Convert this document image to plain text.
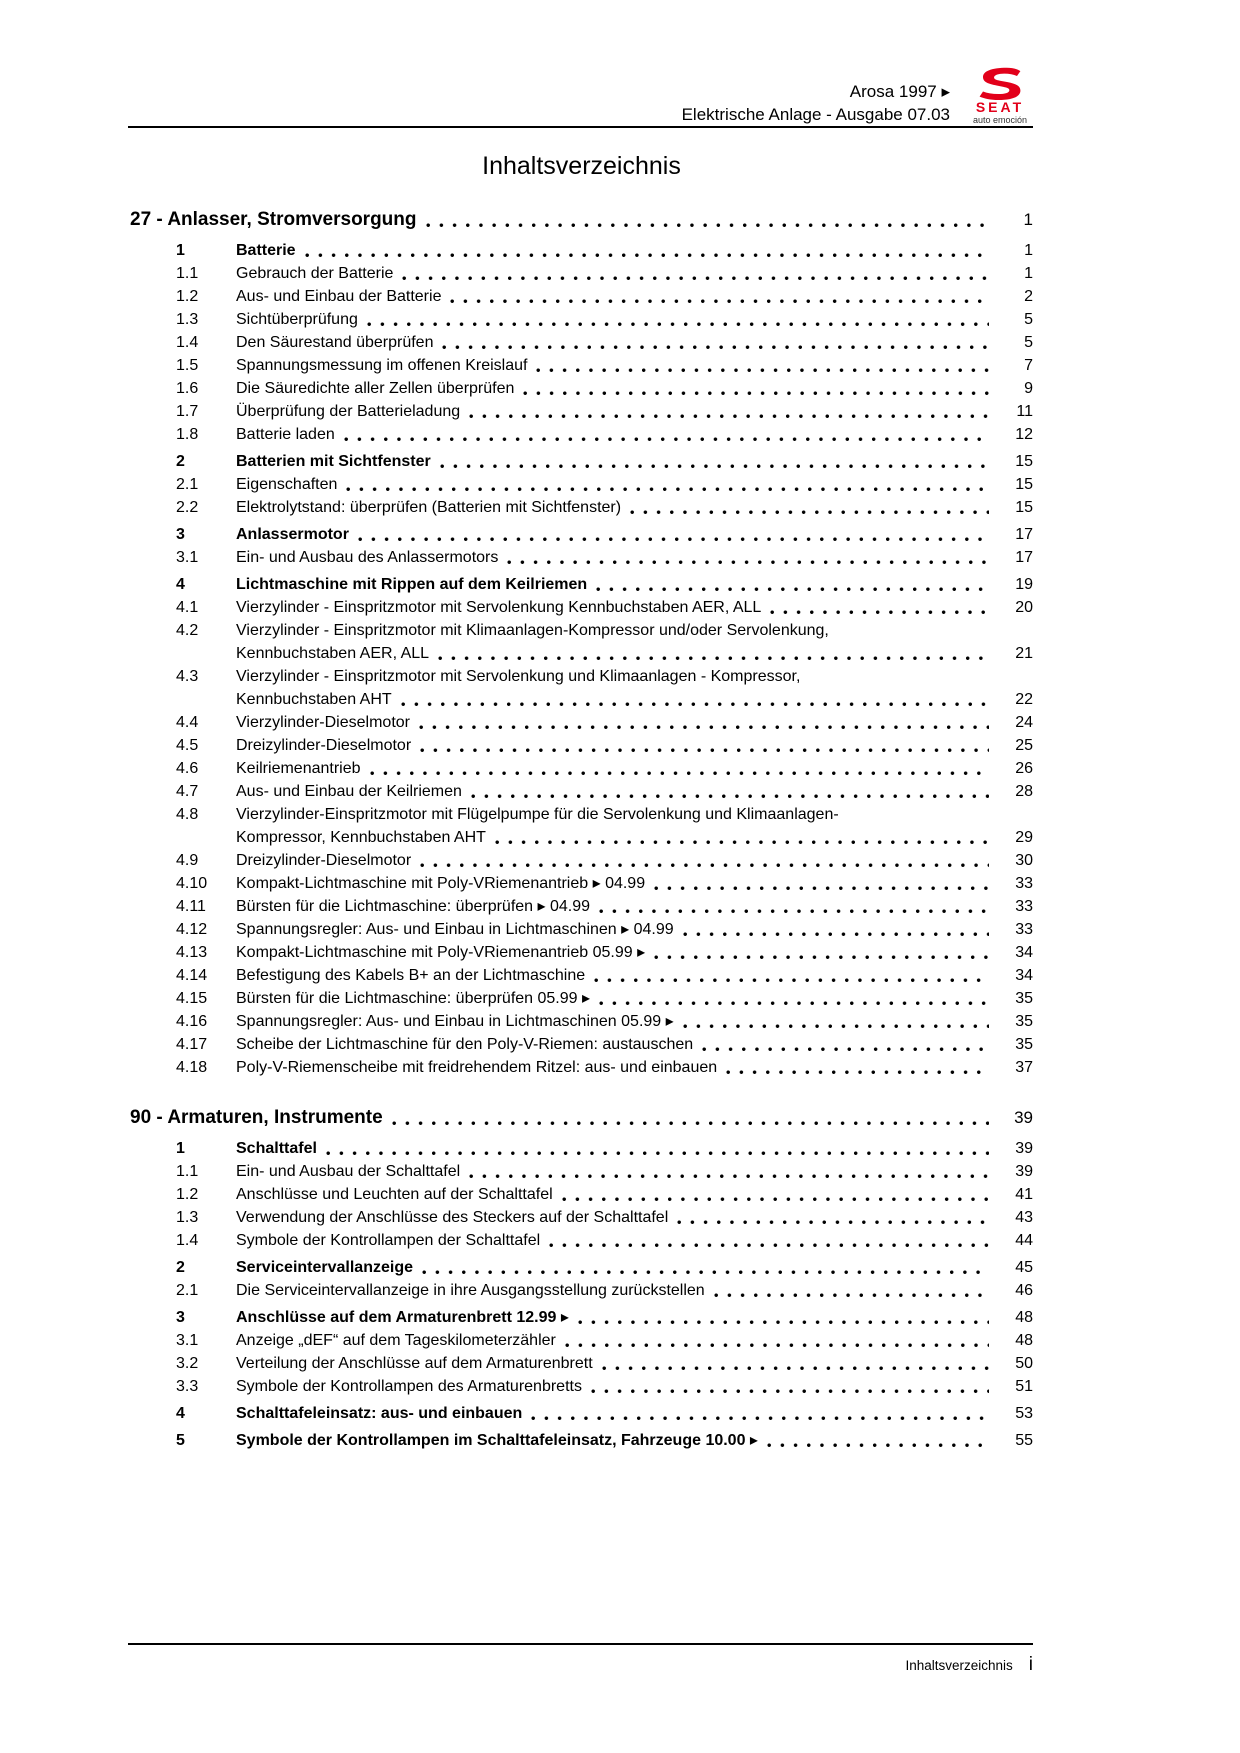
Arosa 1997 ▸
Elektrische Anlage - Ausgabe 07.03 SEAT
auto emoción
Inhaltsverzeichnis
27 - Anlasser, Stromversorgung	1
1	Batterie	1
1.1	Gebrauch der Batterie	1
1.2	Aus- und Einbau der Batterie	2
1.3	Sichtüberprüfung	5
1.4	Den Säurestand überprüfen	5
1.5	Spannungsmessung im offenen Kreislauf	7
1.6	Die Säuredichte aller Zellen überprüfen	9
1.7	Überprüfung der Batterieladung	11
1.8	Batterie laden	12
2	Batterien mit Sichtfenster	15
2.1	Eigenschaften	15
2.2	Elektrolytstand: überprüfen (Batterien mit Sichtfenster)	15
3	Anlassermotor	17
3.1	Ein- und Ausbau des Anlassermotors	17
4	Lichtmaschine mit Rippen auf dem Keilriemen	19
4.1	Vierzylinder - Einspritzmotor mit Servolenkung Kennbuchstaben AER, ALL	20
4.2	Vierzylinder - Einspritzmotor mit Klimaanlagen-Kompressor und/oder Servolenkung,
Kennbuchstaben AER, ALL	21
4.3	Vierzylinder - Einspritzmotor mit Servolenkung und Klimaanlagen - Kompressor,
Kennbuchstaben AHT	22
4.4	Vierzylinder-Dieselmotor	24
4.5	Dreizylinder-Dieselmotor	25
4.6	Keilriemenantrieb	26
4.7	Aus- und Einbau der Keilriemen	28
4.8	Vierzylinder-Einspritzmotor mit Flügelpumpe für die Servolenkung und Klimaanlagen-
Kompressor, Kennbuchstaben AHT	29
4.9	Dreizylinder-Dieselmotor	30
4.10	Kompakt-Lichtmaschine mit Poly-VRiemenantrieb ▸ 04.99	33
4.11	Bürsten für die Lichtmaschine: überprüfen ▸ 04.99	33
4.12	Spannungsregler: Aus- und Einbau in Lichtmaschinen ▸ 04.99	33
4.13	Kompakt-Lichtmaschine mit Poly-VRiemenantrieb 05.99 ▸	34
4.14	Befestigung des Kabels B+ an der Lichtmaschine	34
4.15	Bürsten für die Lichtmaschine: überprüfen 05.99 ▸	35
4.16	Spannungsregler: Aus- und Einbau in Lichtmaschinen 05.99 ▸	35
4.17	Scheibe der Lichtmaschine für den Poly-V-Riemen: austauschen	35
4.18	Poly-V-Riemenscheibe mit freidrehendem Ritzel: aus- und einbauen	37
90 - Armaturen, Instrumente	39
1	Schalttafel	39
1.1	Ein- und Ausbau der Schalttafel	39
1.2	Anschlüsse und Leuchten auf der Schalttafel	41
1.3	Verwendung der Anschlüsse des Steckers auf der Schalttafel	43
1.4	Symbole der Kontrollampen der Schalttafel	44
2	Serviceintervallanzeige	45
2.1	Die Serviceintervallanzeige in ihre Ausgangsstellung zurückstellen	46
3	Anschlüsse auf dem Armaturenbrett 12.99 ▸	48
3.1	Anzeige „dEF“ auf dem Tageskilometerzähler	48
3.2	Verteilung der Anschlüsse auf dem Armaturenbrett	50
3.3	Symbole der Kontrollampen des Armaturenbretts	51
4	Schalttafeleinsatz: aus- und einbauen	53
5	Symbole der Kontrollampen im Schalttafeleinsatz, Fahrzeuge 10.00 ▸	55
Inhaltsverzeichnis i
